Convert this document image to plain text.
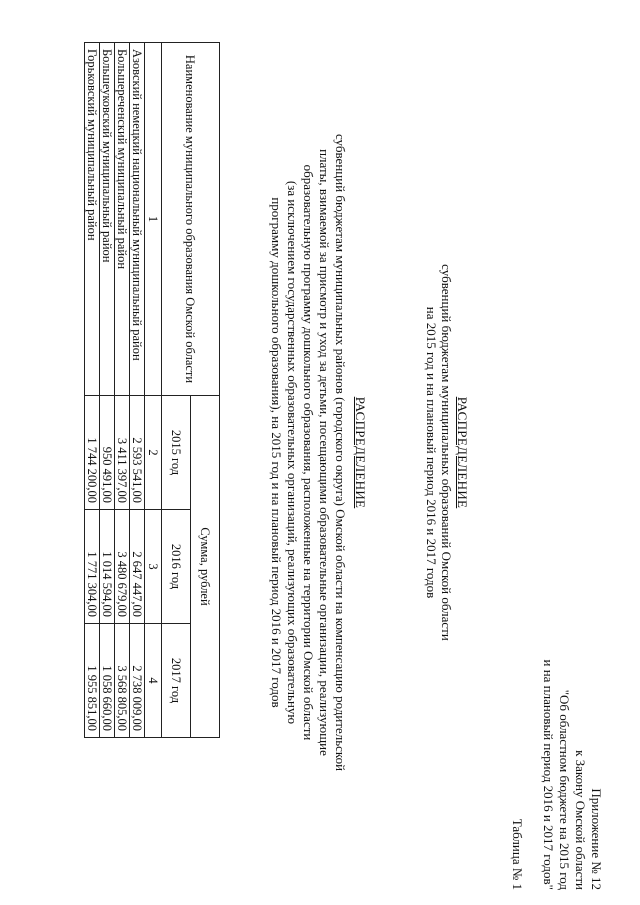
Приложение № 12
к Закону Омской области
"Об областном бюджете на 2015 год
и на плановый период 2016 и 2017 годов"
Таблица № 1
РАСПРЕДЕЛЕНИЕ
субвенций бюджетам муниципальных образований Омской области
на 2015 год и на плановый период 2016 и 2017 годов
РАСПРЕДЕЛЕНИЕ
субвенций бюджетам муниципальных районов (городского округа) Омской области на компенсацию родительской
платы, взимаемой за присмотр и уход за детьми, посещающими образовательные организации, реализующие
образовательную программу дошкольного образования, расположенные на территории Омской области
(за исключением государственных образовательных организаций, реализующих образовательную
программу дошкольного образования), на 2015 год и на плановый период 2016 и 2017 годов
Наименование муниципального образования Омской области	Сумма, рублей		
	2015 год	2016 год	2017 год
1	2	3	4
Азовский немецкий национальный муниципальный район	2 593 541,00	2 647 447,00	2 738 009,00
Большереченский муниципальный район	3 411 397,00	3 480 679,00	3 568 805,00
Большеуковский муниципальный район	950 491,00	1 014 594,00	1 058 660,00
Горьковский муниципальный район	1 744 200,00	1 771 304,00	1 955 851,00
